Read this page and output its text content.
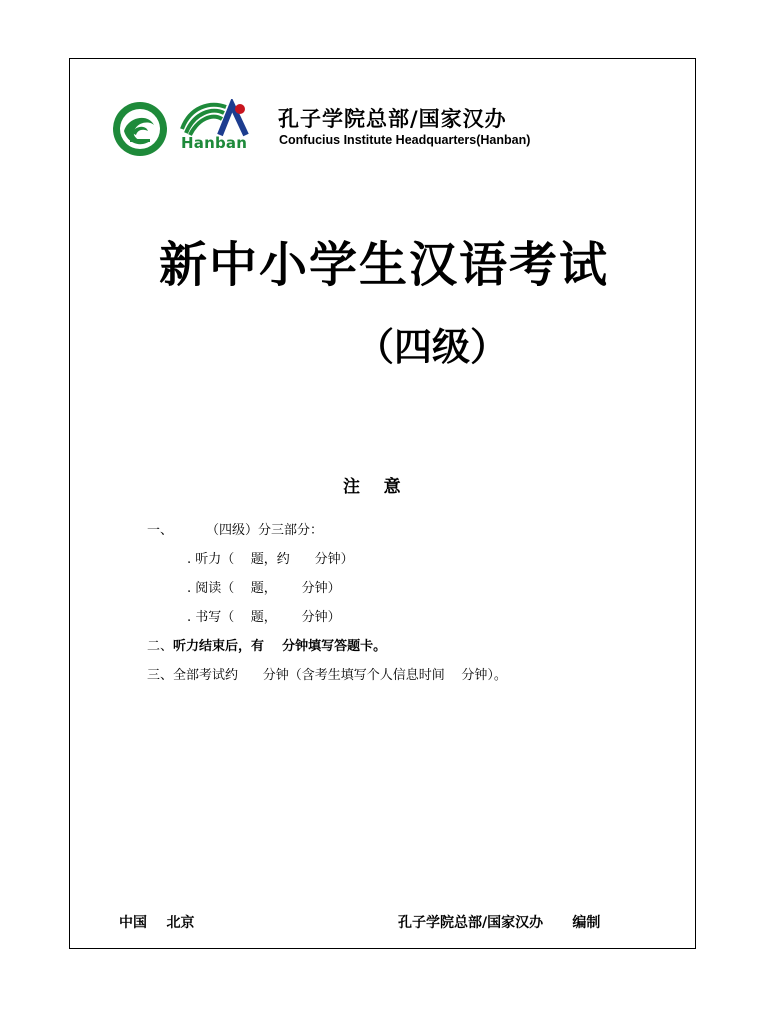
Hanban
孔子学院总部/国家汉办
Confucius Institute Headquarters(Hanban)
新中小学生汉语考试
（四级）
注    意
一、        （四级）分三部分：
. 听力（    题，约      分钟）
. 阅读（    题，      分钟）
. 书写（    题，      分钟）
二、听力结束后，有    分钟填写答题卡。
三、全部考试约      分钟（含考生填写个人信息时间    分钟）。
中国    北京	孔子学院总部/国家汉办      编制
